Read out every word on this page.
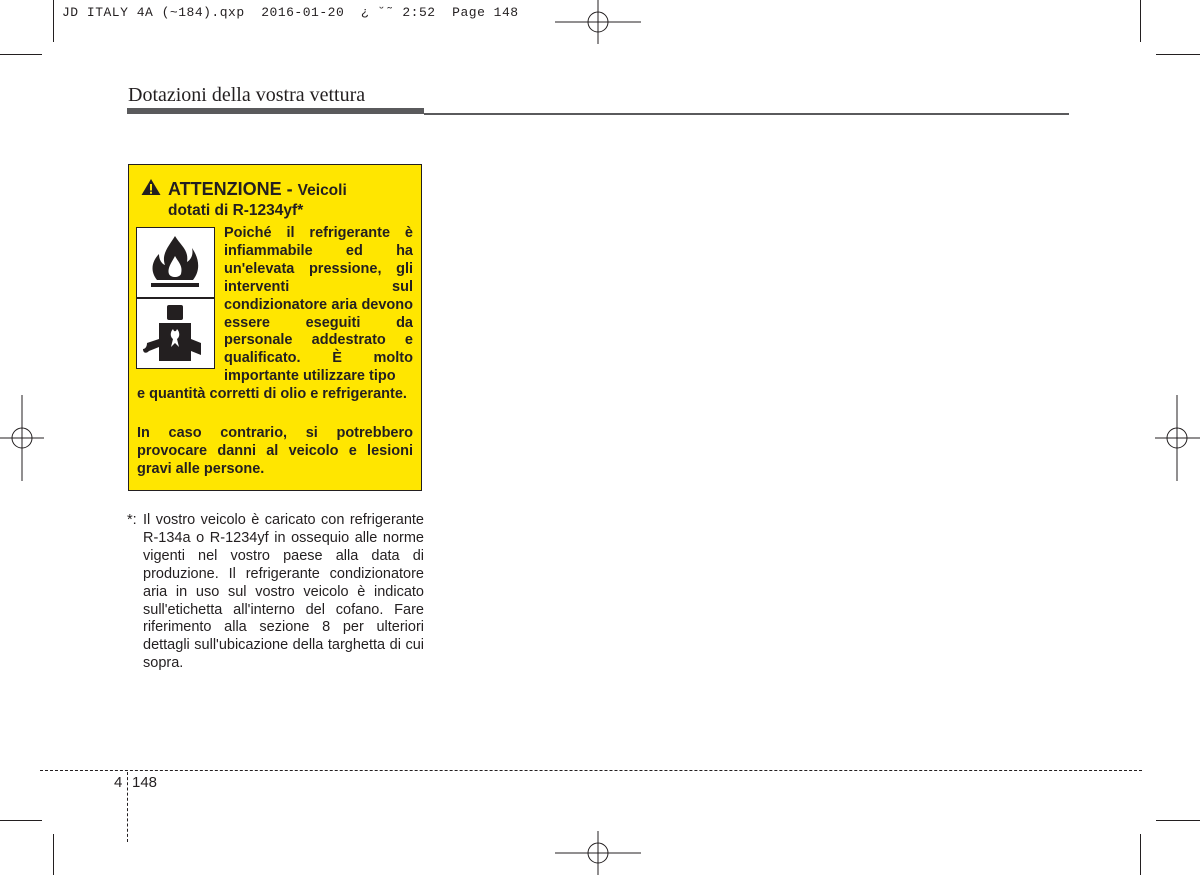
JD ITALY 4A (~184).qxp  2016-01-20  ¿ ˘˜ 2:52  Page 148
Dotazioni della vostra vettura
ATTENZIONE - Veicoli
dotati di R-1234yf*
Poiché il refrigerante è infiammabile ed ha un'elevata pressione, gli interventi sul condizionatore aria devono essere eseguiti da personale addestrato e qualificato. È molto importante utilizzare tipo
e quantità corretti di olio e refrigerante.
In caso contrario, si potrebbero provocare danni al veicolo e lesioni gravi alle persone.
*: Il vostro veicolo è caricato con refrigerante R-134a o R-1234yf in ossequio alle norme vigenti nel vostro paese alla data di produzione. Il refrigerante condizionatore aria in uso sul vostro veicolo è indicato sull'etichetta all'interno del cofano. Fare riferimento alla sezione 8 per ulteriori dettagli sull'ubicazione della targhetta di cui sopra.
4 148
